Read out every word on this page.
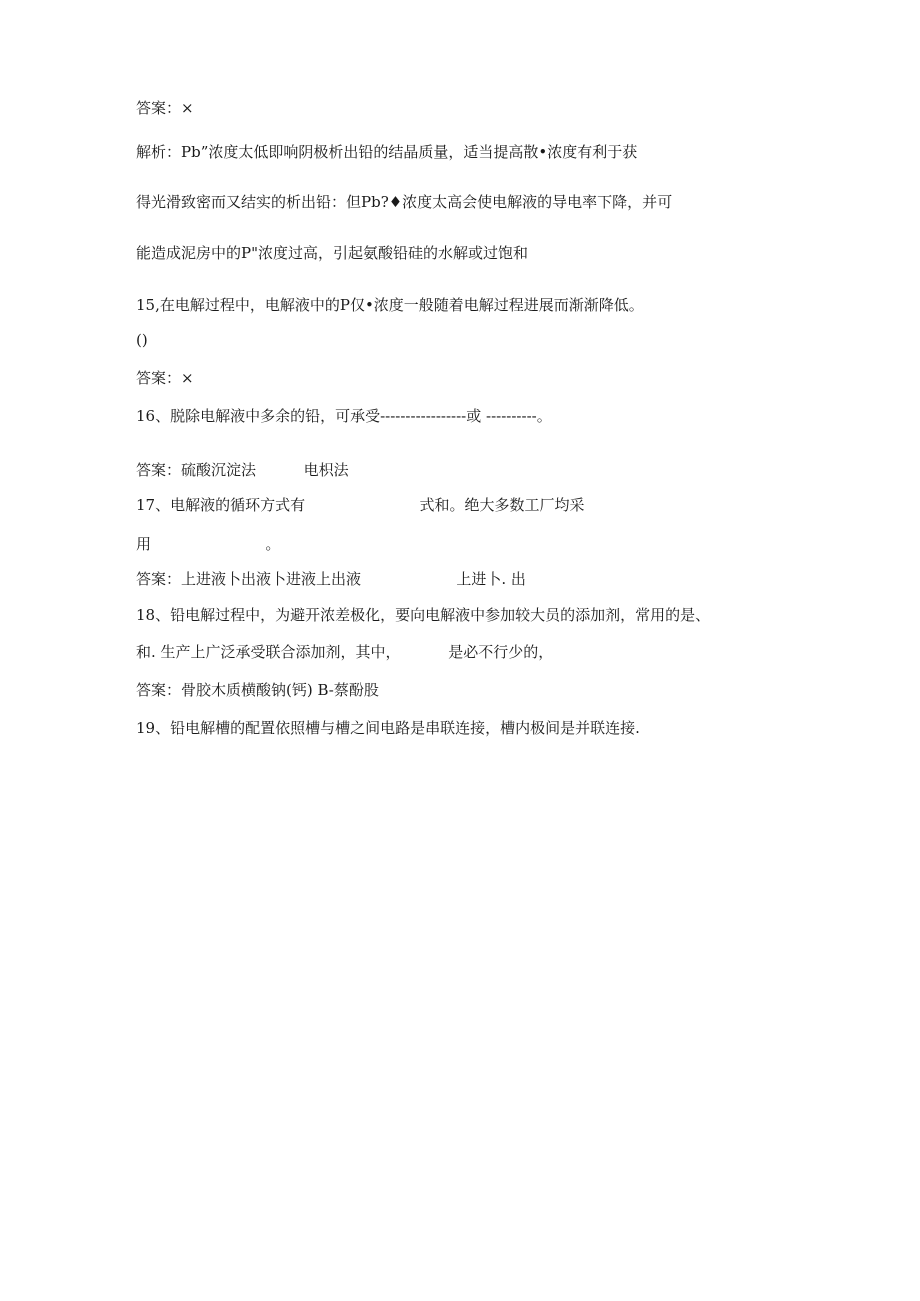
答案：×
解析：Pb”浓度太低即响阴极析出铅的结晶质量，适当提高散•浓度有利于获
得光滑致密而又结实的析出铅：但Pb?♦浓度太高会使电解液的导电率下降，并可
能造成泥房中的P"浓度过高，引起氨酸铅硅的水解或过饱和
15,在电解过程中，电解液中的P仅•浓度一般随着电解过程进展而渐渐降低。
()
答案：×
16、脱除电解液中多余的铅，可承受-----------------或 ----------。
答案：硫酸沉淀法          电枳法
17、电解液的循环方式有                        式和。绝大多数工厂均采
用                        。
答案：上进液卜出液卜进液上出液                    上进卜. 出
18、铅电解过程中，为避开浓差极化，要向电解液中参加较大员的添加剂，常用的是、
和. 生产上广泛承受联合添加剂，其中，          是必不行少的，
答案：骨胶木质横酸钠(钙) B-蔡酚股
19、铅电解槽的配置依照槽与槽之间电路是串联连接，槽内极间是并联连接.
